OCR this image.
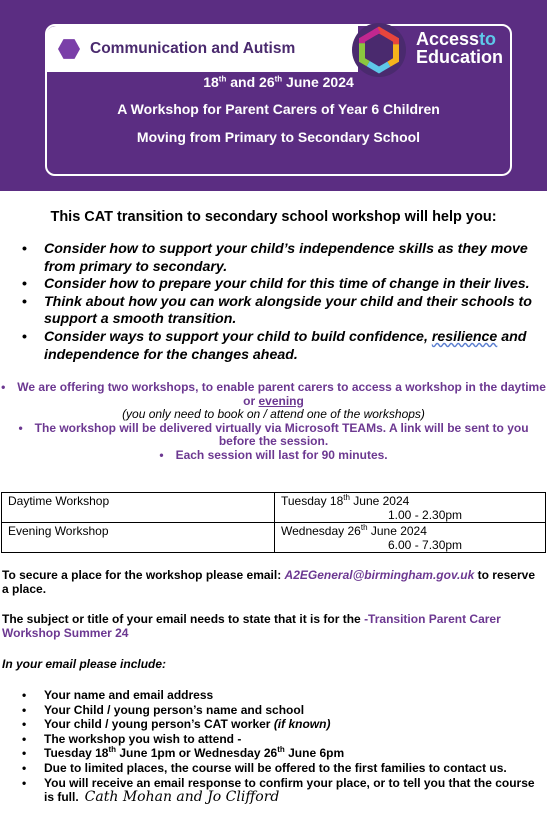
Communication and Autism	Accessto
Education
18th and 26th June 2024
A Workshop for Parent Carers of Year 6 Children
Moving from Primary to Secondary School
This CAT transition to secondary school workshop will help you:
• Consider how to support your child’s independence skills as they move from primary to secondary.
• Consider how to prepare your child for this time of change in their lives.
• Think about how you can work alongside your child and their schools to support a smooth transition.
• Consider ways to support your child to build confidence, resilience and independence for the changes ahead.
• We are offering two workshops, to enable parent carers to access a workshop in the daytime or evening
(you only need to book on / attend one of the workshops)
• The workshop will be delivered virtually via Microsoft TEAMs. A link will be sent to you before the session.
• Each session will last for 90 minutes.
Daytime Workshop	Tuesday 18th June 2024
1.00 - 2.30pm
Evening Workshop	Wednesday 26th June 2024
6.00 - 7.30pm

To secure a place for the workshop please email: A2EGeneral@birmingham.gov.uk to reserve a place.

The subject or title of your email needs to state that it is for the -Transition Parent Carer Workshop Summer 24

In your email please include:

• Your name and email address
• Your Child / young person’s name and school
• Your child / young person’s CAT worker (if known)
• The workshop you wish to attend -
• Tuesday 18th June 1pm or Wednesday 26th June 6pm
• Due to limited places, the course will be offered to the first families to contact us.
• You will receive an email response to confirm your place, or to tell you that the course is full. Cath Mohan and Jo Clifford
